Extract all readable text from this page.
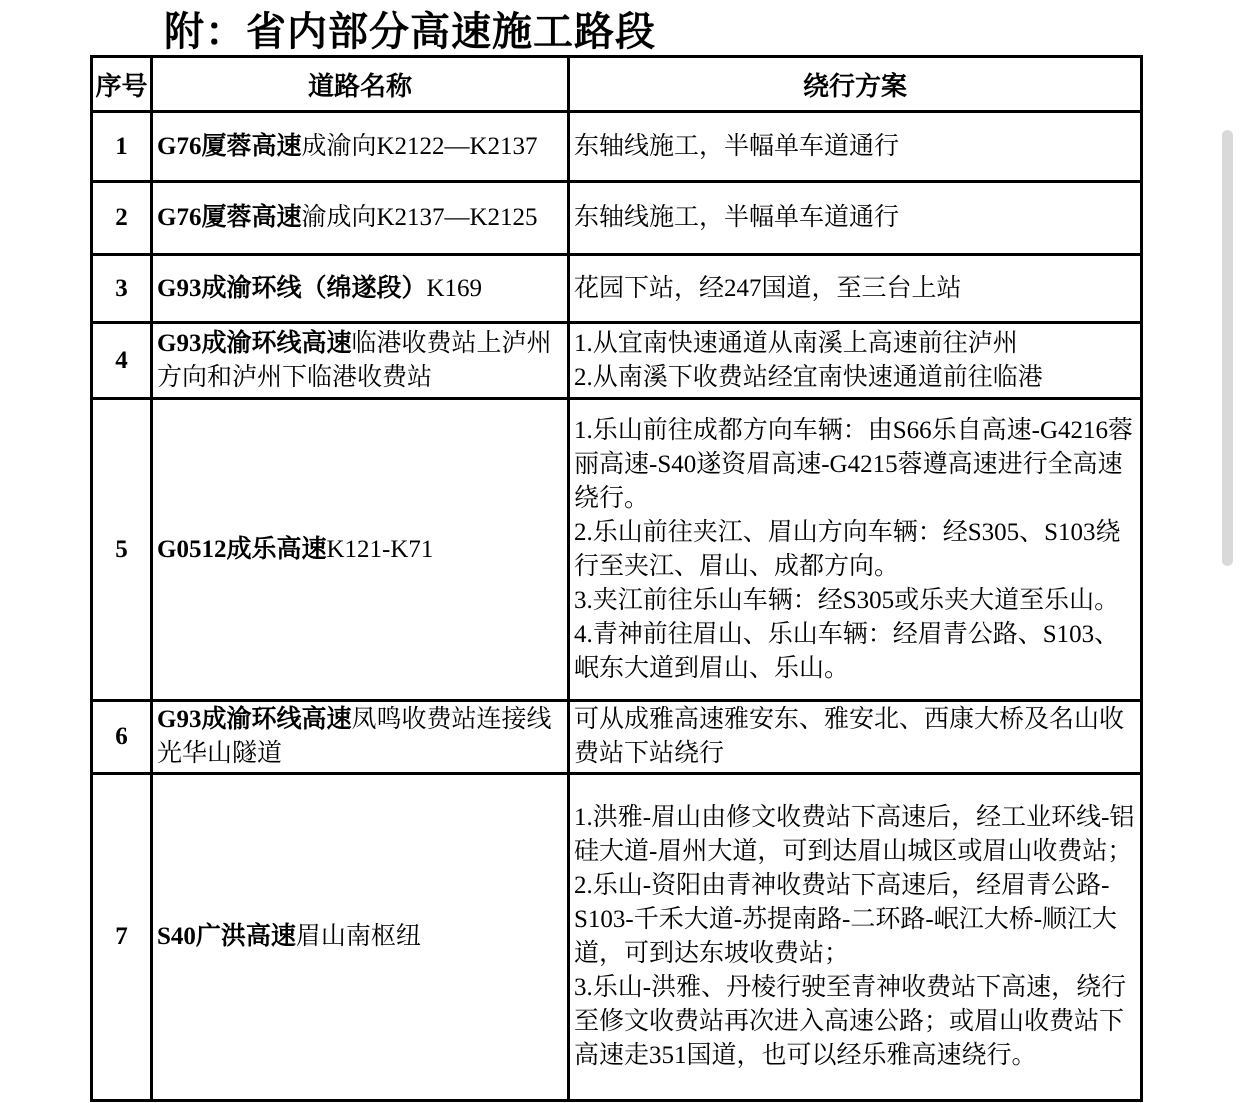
附：省内部分高速施工路段
序号	道路名称	绕行方案
1	G76厦蓉高速成渝向K2122—K2137	东轴线施工，半幅单车道通行

2	G76厦蓉高速渝成向K2137—K2125	东轴线施工，半幅单车道通行

3	G93成渝环线（绵遂段）K169	花园下站，经247国道，至三台上站

4	G93成渝环线高速临港收费站上泸州方向和泸州下临港收费站	1.从宜南快速通道从南溪上高速前往泸州
2.从南溪下收费站经宜南快速通道前往临港

5	G0512成乐高速K121-K71	1.乐山前往成都方向车辆：由S66乐自高速-G4216蓉丽高速-S40遂资眉高速-G4215蓉遵高速进行全高速绕行。
2.乐山前往夹江、眉山方向车辆：经S305、S103绕行至夹江、眉山、成都方向。
3.夹江前往乐山车辆：经S305或乐夹大道至乐山。
4.青神前往眉山、乐山车辆：经眉青公路、S103、岷东大道到眉山、乐山。

6	G93成渝环线高速凤鸣收费站连接线光华山隧道	可从成雅高速雅安东、雅安北、西康大桥及名山收费站下站绕行

7	S40广洪高速眉山南枢纽	1.洪雅-眉山由修文收费站下高速后，经工业环线-铝硅大道-眉州大道，可到达眉山城区或眉山收费站；
2.乐山-资阳由青神收费站下高速后，经眉青公路-S103-千禾大道-苏提南路-二环路-岷江大桥-顺江大道，可到达东坡收费站；
3.乐山-洪雅、丹棱行驶至青神收费站下高速，绕行至修文收费站再次进入高速公路；或眉山收费站下高速走351国道，也可以经乐雅高速绕行。
